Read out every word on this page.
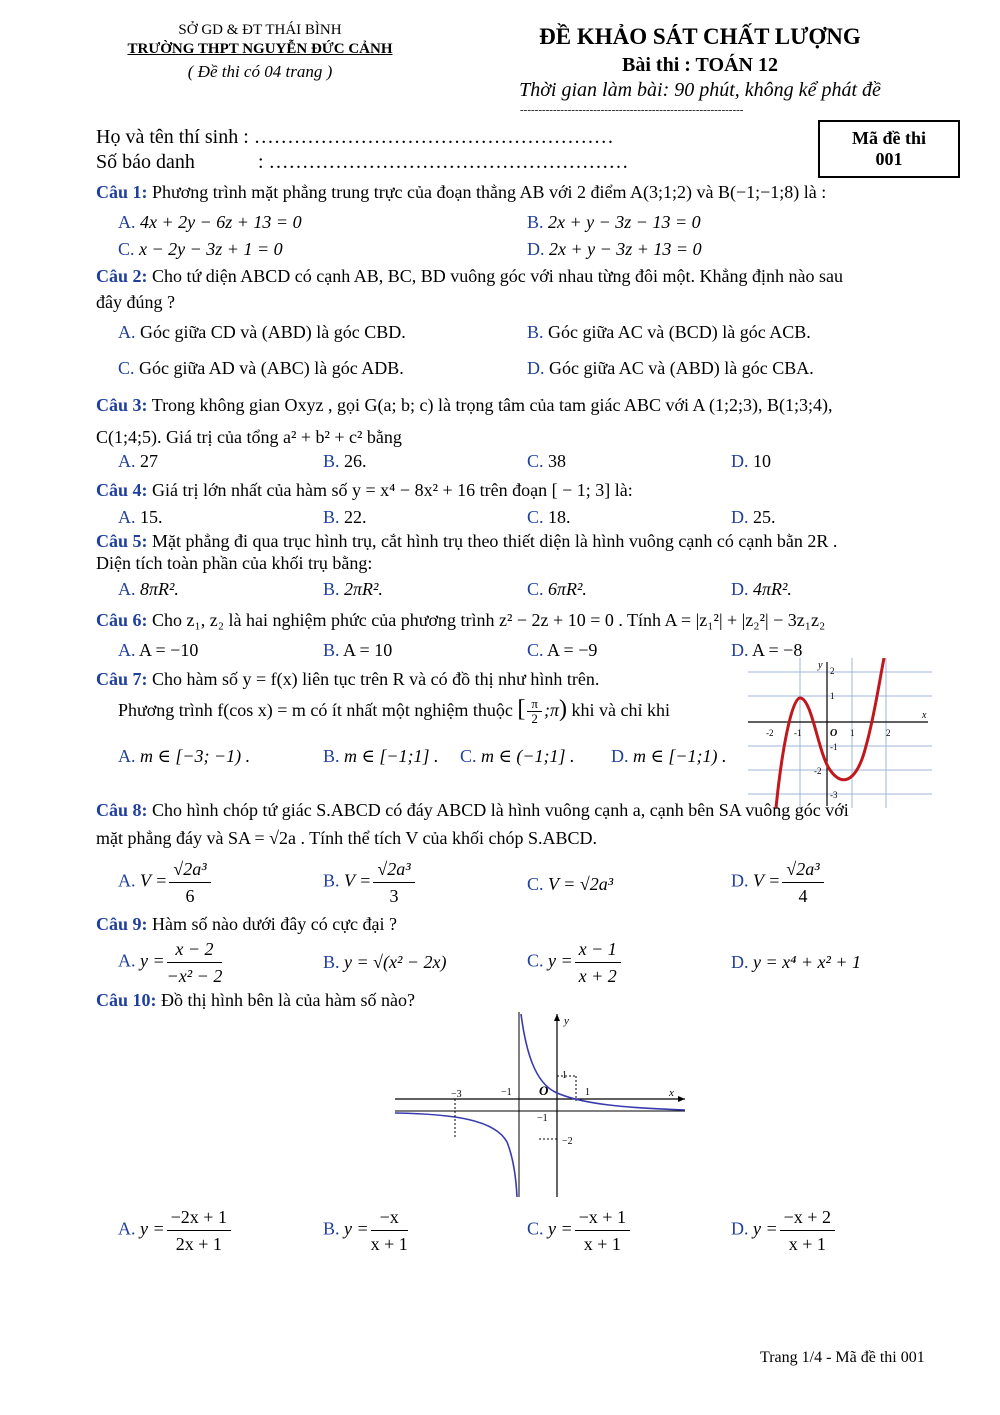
SỞ GD & ĐT THÁI BÌNH
TRƯỜNG THPT NGUYỄN ĐỨC CẢNH
( Đề thi có 04 trang )
ĐỀ KHẢO SÁT CHẤT LƯỢNG
Bài thi : TOÁN 12
Thời gian làm bài: 90 phút, không kể phát đề
-------------------------------------------------------------
Họ và tên thí sinh : ………………………………………………
Số báo danh	: ………………………………………………
Mã đề thi
001
Câu 1: Phương trình mặt phẳng trung trực của đoạn thẳng AB với 2 điểm A(3;1;2) và B(−1;−1;8) là :
A. 4x + 2y − 6z + 13 = 0	B. 2x + y − 3z − 13 = 0
C. x − 2y − 3z + 1 = 0	D. 2x + y − 3z + 13 = 0
Câu 2: Cho tứ diện ABCD có cạnh AB, BC, BD vuông góc với nhau từng đôi một. Khẳng định nào sau
đây đúng ?
A. Góc giữa CD và (ABD) là góc CBD.	B. Góc giữa AC và (BCD) là góc ACB.
C. Góc giữa AD và (ABC) là góc ADB.	D. Góc giữa AC và (ABD) là góc CBA.
Câu 3: Trong không gian Oxyz , gọi G(a; b; c) là trọng tâm của tam giác ABC với A (1;2;3), B(1;3;4),
C(1;4;5). Giá trị của tổng a² + b² + c² bằng
A. 27	B. 26.	C. 38	D. 10
Câu 4: Giá trị lớn nhất của hàm số y = x⁴ − 8x² + 16 trên đoạn [ − 1; 3] là:
A. 15.	B. 22.	C. 18.	D. 25.
Câu 5: Mặt phẳng đi qua trục hình trụ, cắt hình trụ theo thiết diện là hình vuông cạnh có cạnh bằn 2R .
Diện tích toàn phần của khối trụ bằng:
A. 8πR².	B. 2πR².	C. 6πR².	D. 4πR².
Câu 6: Cho z₁, z₂ là hai nghiệm phức của phương trình z² − 2z + 10 = 0 . Tính A = |z₁²| + |z₂²| − 3z₁z₂
A. A = −10	B. A = 10	C. A = −9	D. A = −8
Câu 7: Cho hàm số y = f(x) liên tục trên R và có đồ thị như hình trên.
Phương trình f(cos x) = m có ít nhất một nghiệm thuộc [ $\frac{\pi}{2}$ ;π) khi và chỉ khi
A. m ∈ [−3; −1) .	B. m ∈ [−1;1] . C. m ∈ (−1;1] . D. m ∈ [−1;1) .
y
x
O
-2 -1	1	2
2
1
-1
-2
-3
Câu 8: Cho hình chóp tứ giác S.ABCD có đáy ABCD là hình vuông cạnh a, cạnh bên SA vuông góc với
mặt phẳng đáy và SA = √2a . Tính thể tích V của khối chóp S.ABCD.
A. $V = \frac{\text{√2a³}}{6}$	B. $V = \frac{\text{√2a³}}{3}$	C. V = √2a³	D. $V = \frac{\text{√2a³}}{4}$
Câu 9: Hàm số nào dưới đây có cực đại ?
A. $y = \frac{x - 2}{\text{−x² − 2}}$	B. y = √(x² − 2x)	C. $y = \frac{x - 1}{x + 2}$	D. y = x⁴ + x² + 1
Câu 10: Đồ thị hình bên là của hàm số nào?
y
x
O
−3	−1	1
1
−1
−2
A. $y = \frac{-2x + 1}{2x + 1}$	B. $y = \frac{-x}{x + 1}$	C. $y = \frac{-x + 1}{x + 1}$	D. $y = \frac{-x + 2}{x + 1}$
Trang 1/4 - Mã đề thi 001
